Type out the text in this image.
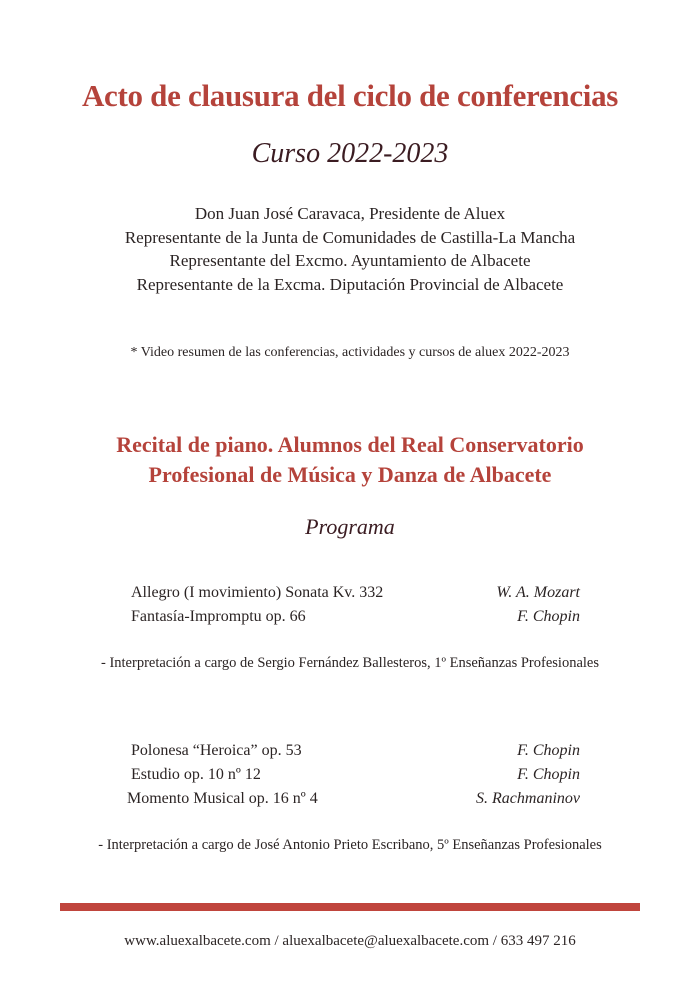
Acto de clausura del ciclo de conferencias
Curso 2022-2023
Don Juan José Caravaca, Presidente de Aluex
Representante de la Junta de Comunidades de Castilla-La Mancha
Representante del Excmo. Ayuntamiento de Albacete
Representante de la Excma. Diputación Provincial de Albacete
* Video resumen de las conferencias, actividades y cursos de aluex 2022-2023
Recital de piano. Alumnos del Real Conservatorio
Profesional de Música y Danza de Albacete
Programa
Allegro (I movimiento) Sonata Kv. 332	W. A. Mozart
Fantasía-Impromptu op. 66	F. Chopin
- Interpretación a cargo de Sergio Fernández Ballesteros, 1º Enseñanzas Profesionales
Polonesa “Heroica” op. 53	F. Chopin
Estudio op. 10 nº 12	F. Chopin
Momento Musical op. 16 nº 4	S. Rachmaninov
- Interpretación a cargo de José Antonio Prieto Escribano, 5º Enseñanzas Profesionales
www.aluexalbacete.com / aluexalbacete@aluexalbacete.com / 633 497 216
